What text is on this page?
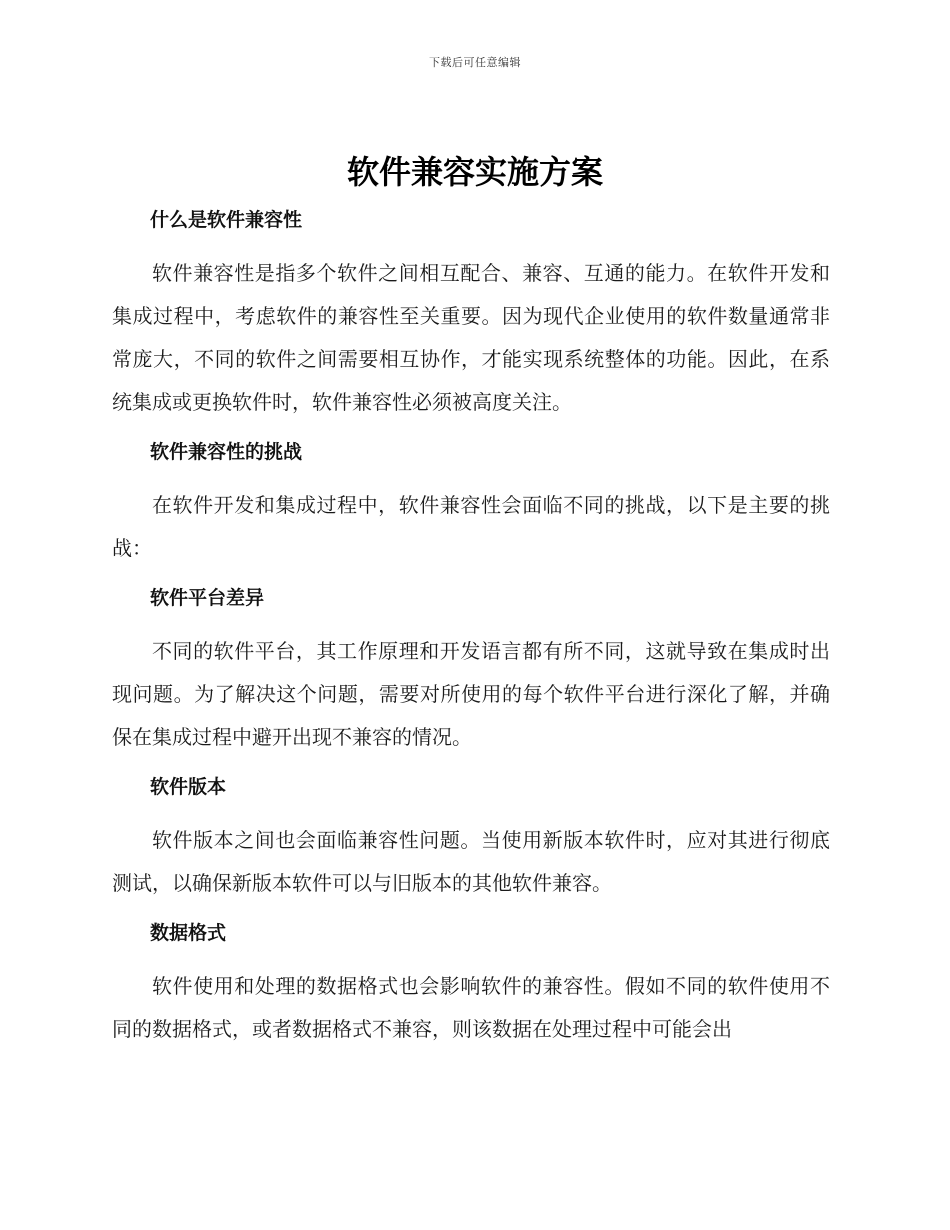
下载后可任意编辑
软件兼容实施方案
什么是软件兼容性
软件兼容性是指多个软件之间相互配合、兼容、互通的能力。在软件开发和集成过程中，考虑软件的兼容性至关重要。因为现代企业使用的软件数量通常非常庞大，不同的软件之间需要相互协作，才能实现系统整体的功能。因此，在系统集成或更换软件时，软件兼容性必须被高度关注。
软件兼容性的挑战
在软件开发和集成过程中，软件兼容性会面临不同的挑战，以下是主要的挑战：
软件平台差异
不同的软件平台，其工作原理和开发语言都有所不同，这就导致在集成时出现问题。为了解决这个问题，需要对所使用的每个软件平台进行深化了解，并确保在集成过程中避开出现不兼容的情况。
软件版本
软件版本之间也会面临兼容性问题。当使用新版本软件时，应对其进行彻底测试，以确保新版本软件可以与旧版本的其他软件兼容。
数据格式
软件使用和处理的数据格式也会影响软件的兼容性。假如不同的软件使用不同的数据格式，或者数据格式不兼容，则该数据在处理过程中可能会出
